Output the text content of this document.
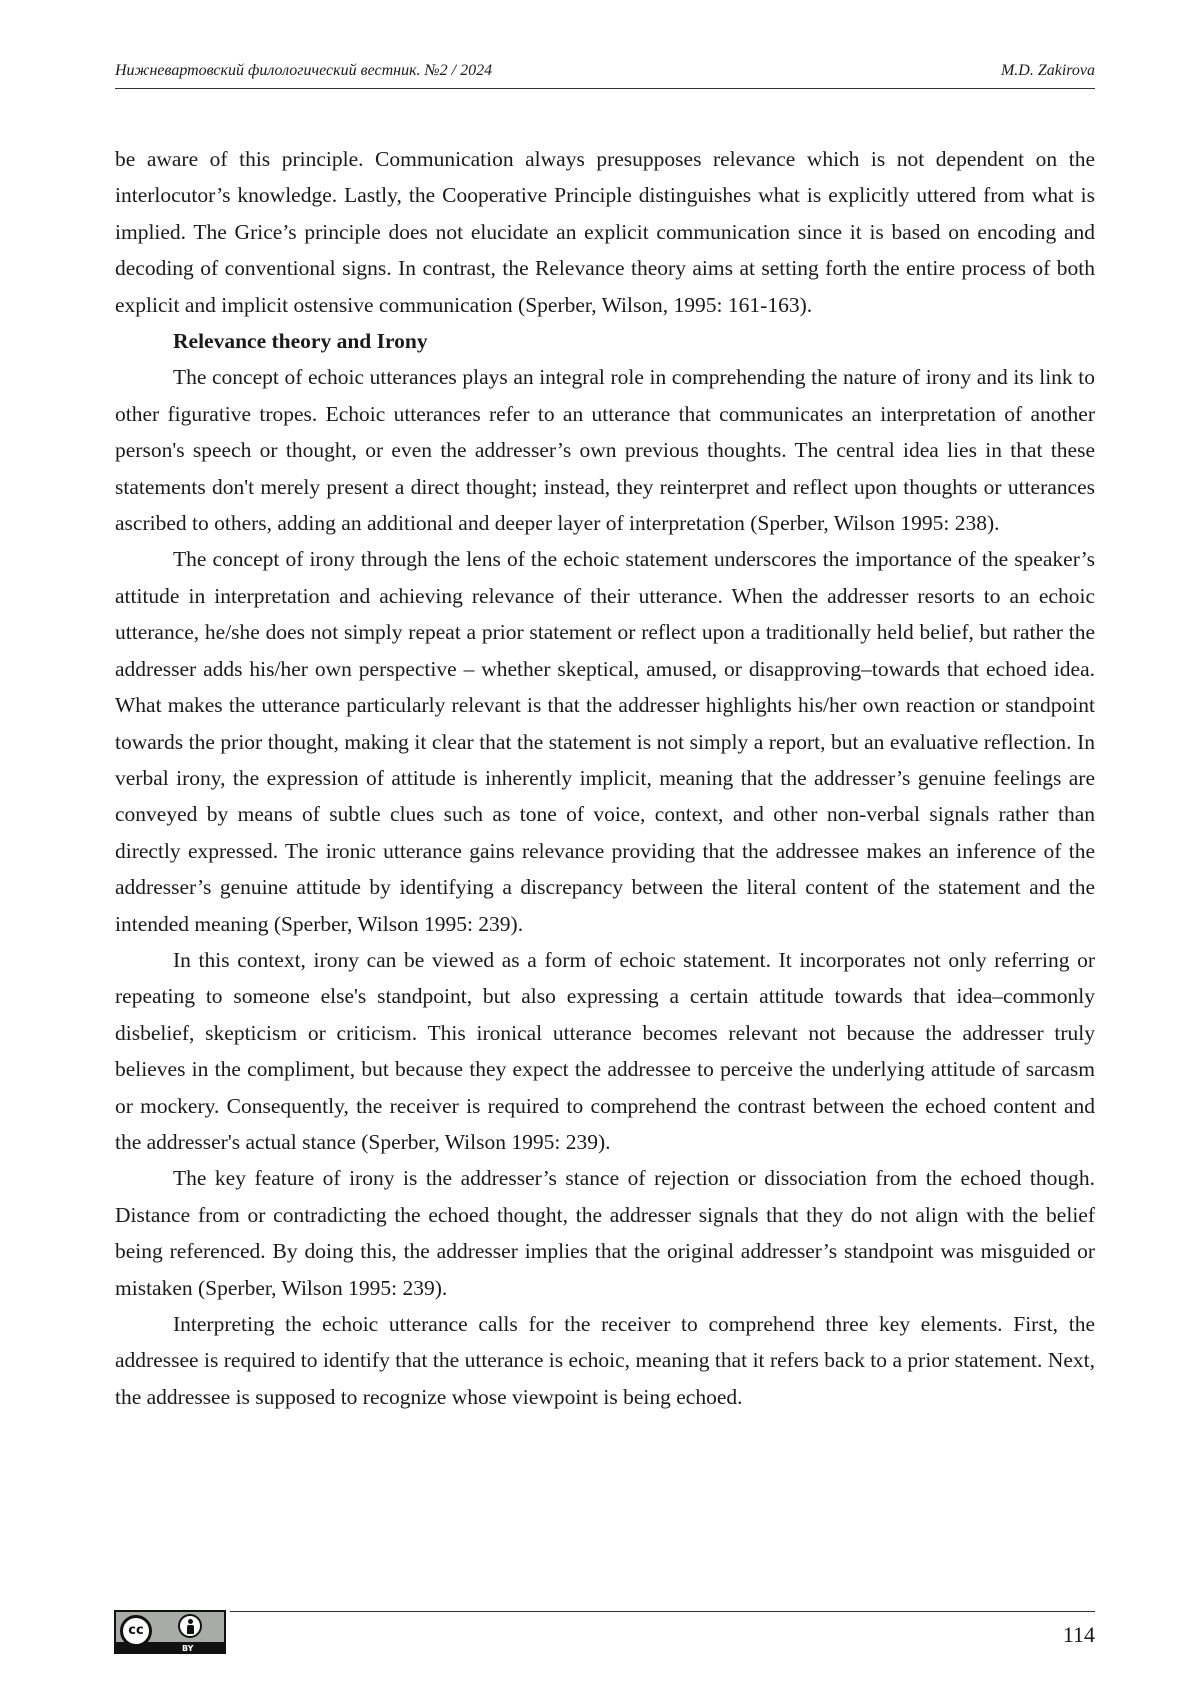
Нижневартовский филологический вестник. №2 / 2024	M.D. Zakirova

be aware of this principle. Communication always presupposes relevance which is not dependent on the interlocutor’s knowledge. Lastly, the Cooperative Principle distinguishes what is explicitly uttered from what is implied. The Grice’s principle does not elucidate an explicit communication since it is based on encoding and decoding of conventional signs. In contrast, the Relevance theory aims at setting forth the entire process of both explicit and implicit ostensive communication (Sperber, Wilson, 1995: 161-163).

Relevance theory and Irony

The concept of echoic utterances plays an integral role in comprehending the nature of irony and its link to other figurative tropes. Echoic utterances refer to an utterance that communicates an interpretation of another person's speech or thought, or even the addresser’s own previous thoughts. The central idea lies in that these statements don't merely present a direct thought; instead, they reinterpret and reflect upon thoughts or utterances ascribed to others, adding an additional and deeper layer of interpretation (Sperber, Wilson 1995: 238).

The concept of irony through the lens of the echoic statement underscores the importance of the speaker’s attitude in interpretation and achieving relevance of their utterance. When the addresser resorts to an echoic utterance, he/she does not simply repeat a prior statement or reflect upon a traditionally held belief, but rather the addresser adds his/her own perspective – whether skeptical, amused, or disapproving–towards that echoed idea. What makes the utterance particularly relevant is that the addresser highlights his/her own reaction or standpoint towards the prior thought, making it clear that the statement is not simply a report, but an evaluative reflection. In verbal irony, the expression of attitude is inherently implicit, meaning that the addresser’s genuine feelings are conveyed by means of subtle clues such as tone of voice, context, and other non-verbal signals rather than directly expressed. The ironic utterance gains relevance providing that the addressee makes an inference of the addresser’s genuine attitude by identifying a discrepancy between the literal content of the statement and the intended meaning (Sperber, Wilson 1995: 239).

In this context, irony can be viewed as a form of echoic statement. It incorporates not only referring or repeating to someone else's standpoint, but also expressing a certain attitude towards that idea–commonly disbelief, skepticism or criticism. This ironical utterance becomes relevant not because the addresser truly believes in the compliment, but because they expect the addressee to perceive the underlying attitude of sarcasm or mockery. Consequently, the receiver is required to comprehend the contrast between the echoed content and the addresser's actual stance (Sperber, Wilson 1995: 239).

The key feature of irony is the addresser’s stance of rejection or dissociation from the echoed though. Distance from or contradicting the echoed thought, the addresser signals that they do not align with the belief being referenced. By doing this, the addresser implies that the original addresser’s standpoint was misguided or mistaken (Sperber, Wilson 1995: 239).

Interpreting the echoic utterance calls for the receiver to comprehend three key elements. First, the addressee is required to identify that the utterance is echoic, meaning that it refers back to a prior statement. Next, the addressee is supposed to recognize whose viewpoint is being echoed.

cc
BY
114
